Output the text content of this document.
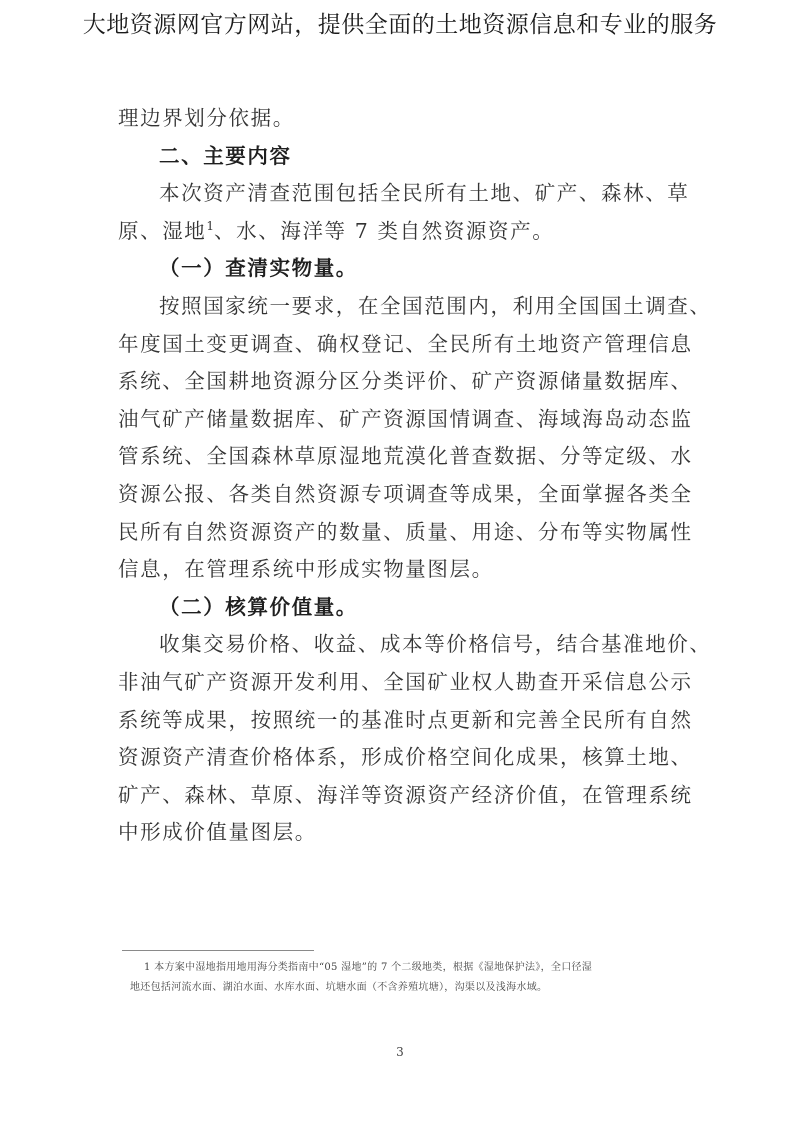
大地资源网官方网站，提供全面的土地资源信息和专业的服务
理边界划分依据。
二、主要内容
本次资产清查范围包括全民所有土地、矿产、森林、草
原、湿地$^1$、水、海洋等 7 类自然资源资产。
（一）查清实物量。
按照国家统一要求，在全国范围内，利用全国国土调查、
年度国土变更调查、确权登记、全民所有土地资产管理信息
系统、全国耕地资源分区分类评价、矿产资源储量数据库、
油气矿产储量数据库、矿产资源国情调查、海域海岛动态监
管系统、全国森林草原湿地荒漠化普查数据、分等定级、水
资源公报、各类自然资源专项调查等成果，全面掌握各类全
民所有自然资源资产的数量、质量、用途、分布等实物属性
信息，在管理系统中形成实物量图层。
（二）核算价值量。
收集交易价格、收益、成本等价格信号，结合基准地价、
非油气矿产资源开发利用、全国矿业权人勘查开采信息公示
系统等成果，按照统一的基准时点更新和完善全民所有自然
资源资产清查价格体系，形成价格空间化成果，核算土地、
矿产、森林、草原、海洋等资源资产经济价值，在管理系统
中形成价值量图层。
1 本方案中湿地指用地用海分类指南中“05 湿地”的 7 个二级地类，根据《湿地保护法》，全口径湿
地还包括河流水面、湖泊水面、水库水面、坑塘水面（不含养殖坑塘），沟渠以及浅海水域。
3
